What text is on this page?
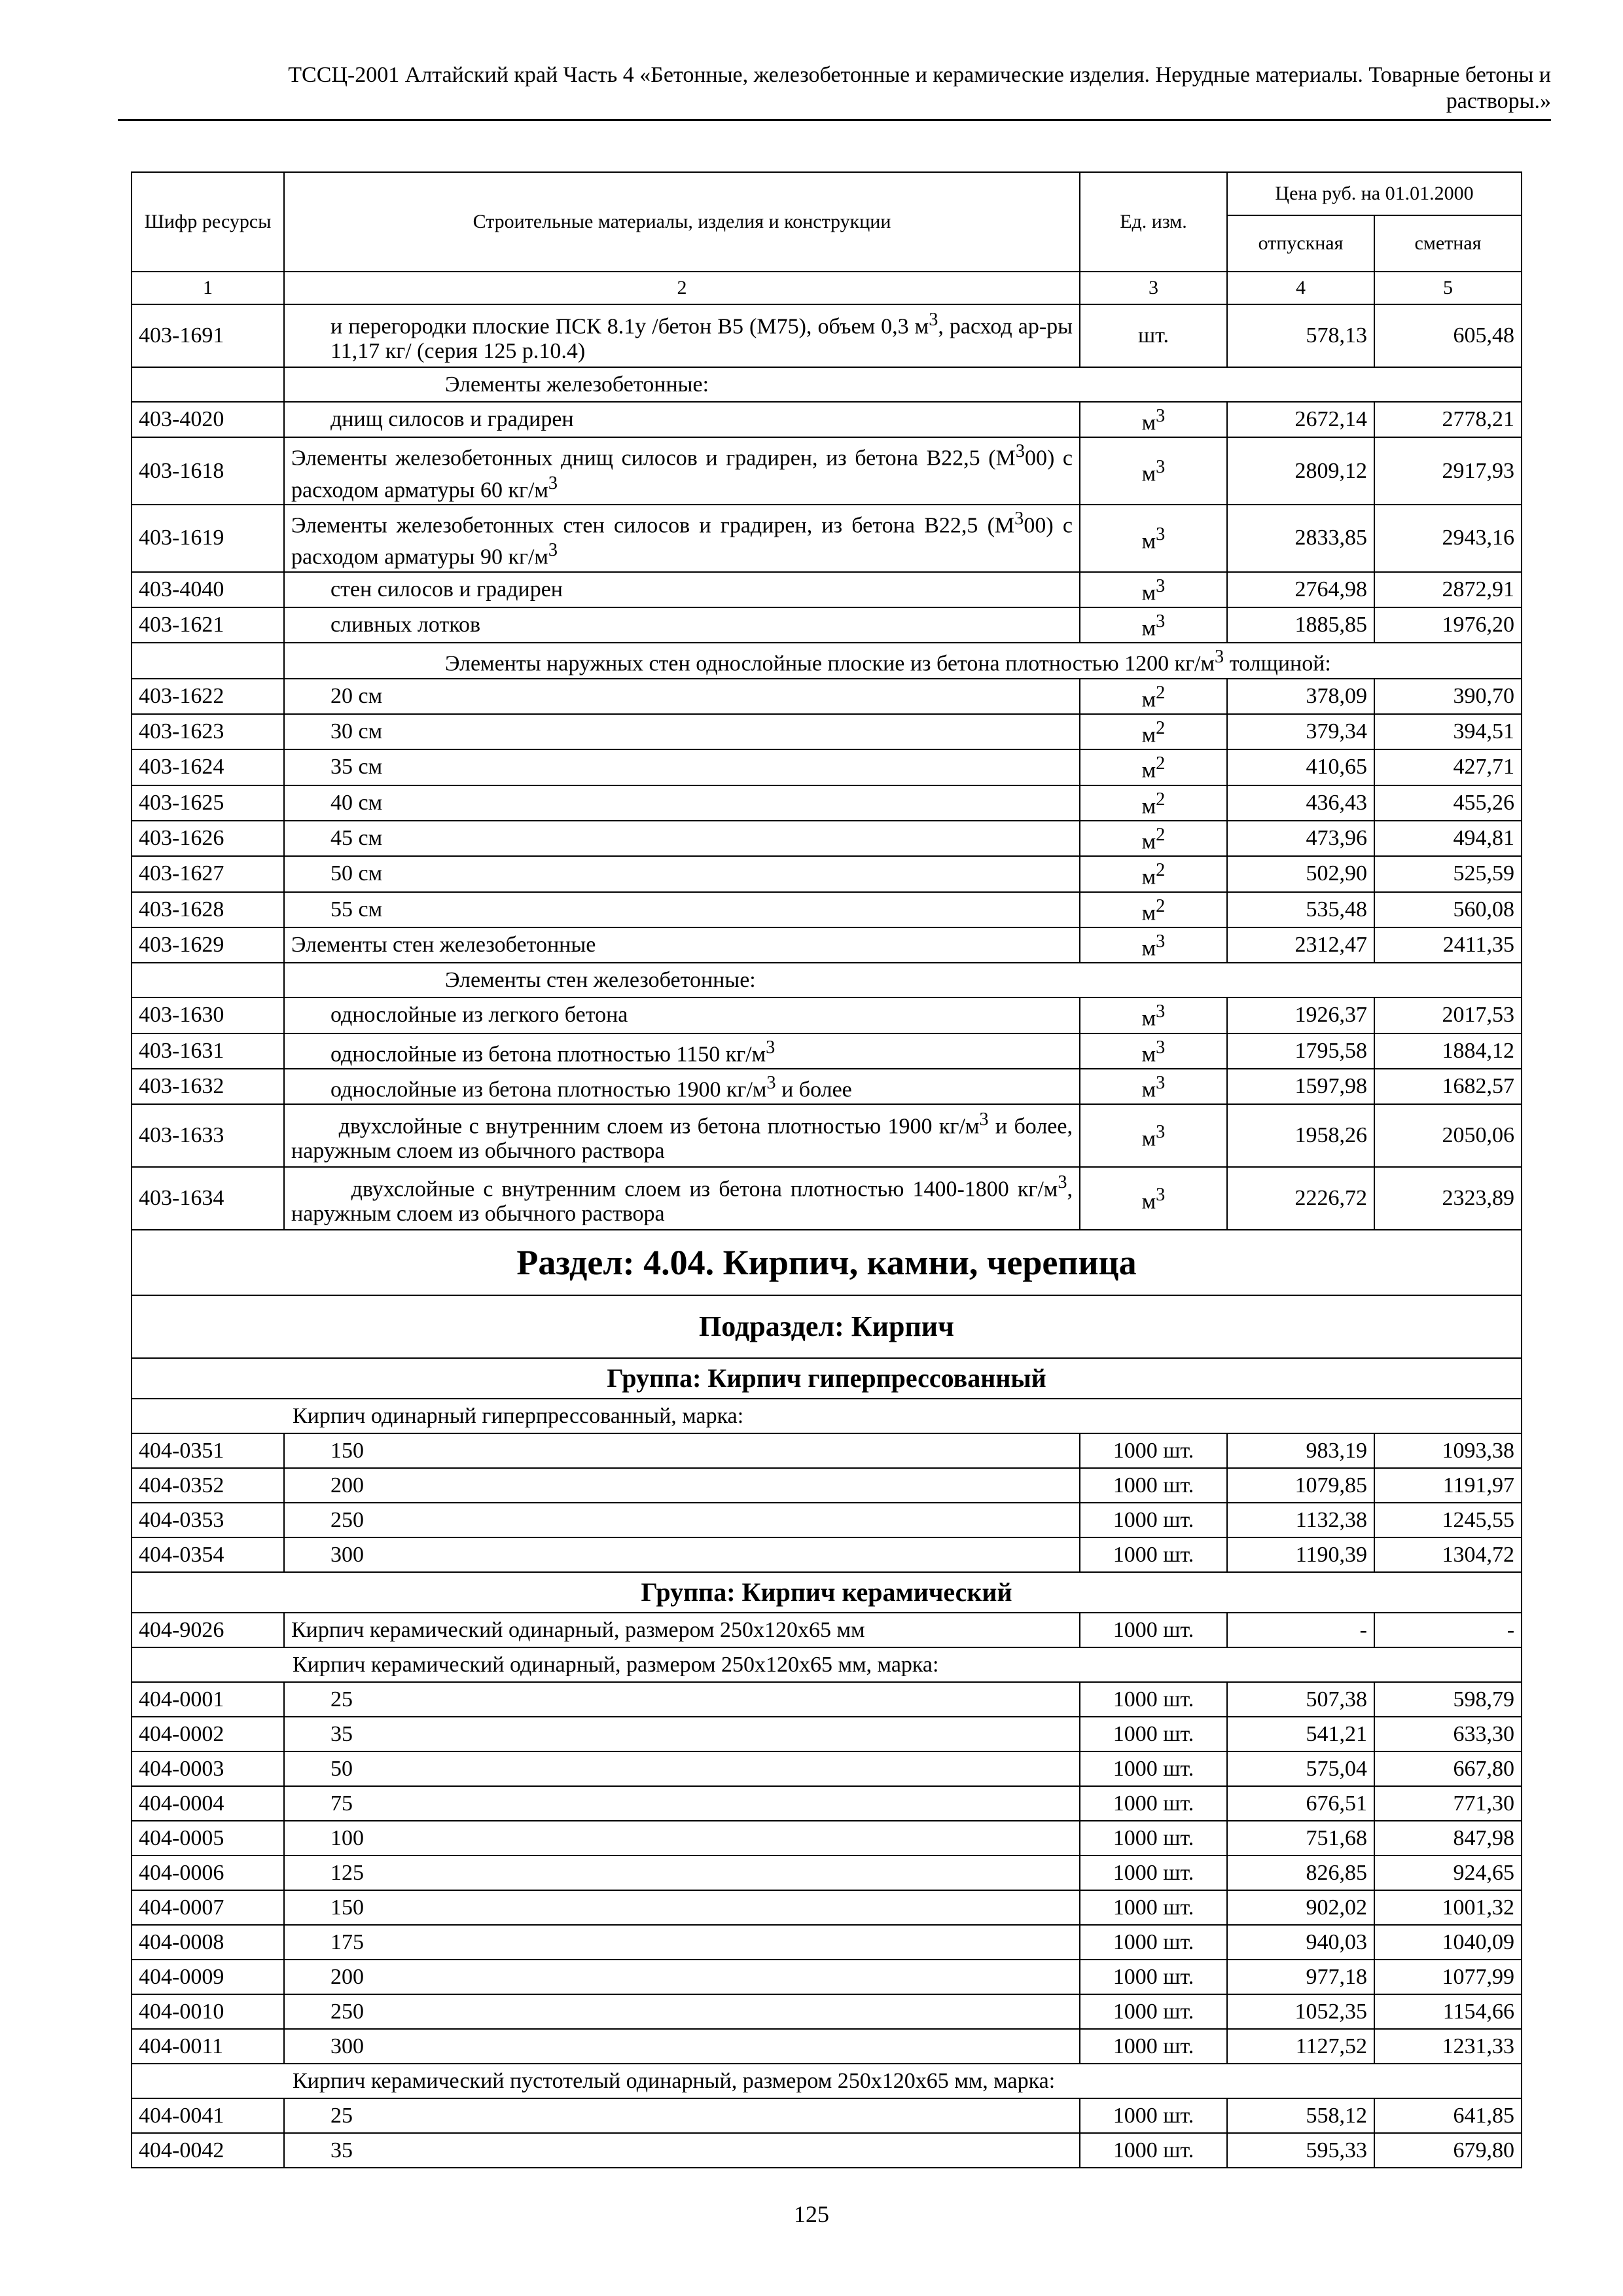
ТССЦ-2001 Алтайский край Часть 4 «Бетонные, железобетонные и керамические изделия. Нерудные материалы. Товарные бетоны и
растворы.»
Шифр ресурсы	Строительные материалы, изделия и конструкции	Ед. изм.	Цена руб. на 01.01.2000	
			отпускная	сметная
1	2	3	4	5
403-1691	и перегородки плоские ПСК 8.1у /бетон В5 (М75), объем 0,3 $м^3$, расход ар-ры 11,17 кг/ (серия 125 р.10.4)	шт.	578,13	605,48
	Элементы железобетонные:			
403-4020	днищ силосов и градирен	$м^3$	2672,14	2778,21
403-1618	Элементы железобетонных днищ силосов и градирен, из бетона В22,5 $(М^300)$ с расходом арматуры 60 $кг/м^3$	$м^3$	2809,12	2917,93
403-1619	Элементы железобетонных стен силосов и градирен, из бетона В22,5 $(М^300)$ с расходом арматуры 90 $кг/м^3$	$м^3$	2833,85	2943,16
403-4040	стен силосов и градирен	$м^3$	2764,98	2872,91
403-1621	сливных лотков	$м^3$	1885,85	1976,20
	Элементы наружных стен однослойные плоские из бетона плотностью 1200 $кг/м^3$ толщиной:			
403-1622	20 см	$м^2$	378,09	390,70
403-1623	30 см	$м^2$	379,34	394,51
403-1624	35 см	$м^2$	410,65	427,71
403-1625	40 см	$м^2$	436,43	455,26
403-1626	45 см	$м^2$	473,96	494,81
403-1627	50 см	$м^2$	502,90	525,59
403-1628	55 см	$м^2$	535,48	560,08
403-1629	Элементы стен железобетонные	$м^3$	2312,47	2411,35
	Элементы стен железобетонные:			
403-1630	однослойные из легкого бетона	$м^3$	1926,37	2017,53
403-1631	однослойные из бетона плотностью 1150 $кг/м^3$	$м^3$	1795,58	1884,12
403-1632	однослойные из бетона плотностью 1900 $кг/м^3$ и более	$м^3$	1597,98	1682,57
403-1633	двухслойные с внутренним слоем из бетона плотностью 1900 $кг/м^3$ и более, наружным слоем из обычного раствора	$м^3$	1958,26	2050,06
403-1634	двухслойные с внутренним слоем из бетона плотностью 1400-1800 $кг/м^3$, наружным слоем из обычного раствора	$м^3$	2226,72	2323,89
Раздел: 4.04. Кирпич, камни, черепица				
Подраздел: Кирпич				
Группа: Кирпич гиперпрессованный				
Кирпич одинарный гиперпрессованный, марка:				
404-0351	150	1000 шт.	983,19	1093,38
404-0352	200	1000 шт.	1079,85	1191,97
404-0353	250	1000 шт.	1132,38	1245,55
404-0354	300	1000 шт.	1190,39	1304,72
Группа: Кирпич керамический				
404-9026	Кирпич керамический одинарный, размером 250х120х65 мм	1000 шт.	-	-
Кирпич керамический одинарный, размером 250х120х65 мм, марка:				
404-0001	25	1000 шт.	507,38	598,79
404-0002	35	1000 шт.	541,21	633,30
404-0003	50	1000 шт.	575,04	667,80
404-0004	75	1000 шт.	676,51	771,30
404-0005	100	1000 шт.	751,68	847,98
404-0006	125	1000 шт.	826,85	924,65
404-0007	150	1000 шт.	902,02	1001,32
404-0008	175	1000 шт.	940,03	1040,09
404-0009	200	1000 шт.	977,18	1077,99
404-0010	250	1000 шт.	1052,35	1154,66
404-0011	300	1000 шт.	1127,52	1231,33
Кирпич керамический пустотелый одинарный, размером 250х120х65 мм, марка:				
404-0041	25	1000 шт.	558,12	641,85
404-0042	35	1000 шт.	595,33	679,80
125
